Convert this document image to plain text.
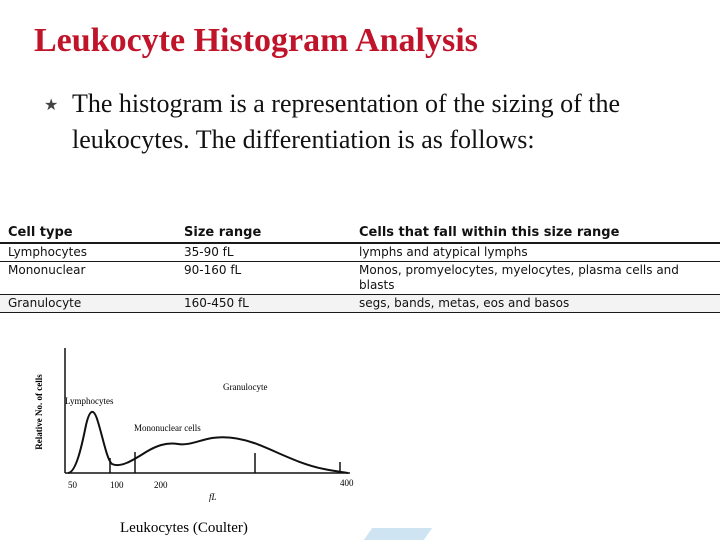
Leukocyte Histogram Analysis
★ The histogram is a representation of the sizing of the leukocytes. The differentiation is as follows:
Cell type	Size range	Cells that fall within this size range
Lymphocytes	35-90 fL	lymphs and atypical lymphs
Mononuclear	90-160 fL	Monos, promyelocytes, myelocytes, plasma cells and blasts
Granulocyte	160-450 fL	segs, bands, metas, eos and basos
Relative No. of cells Lymphocytes
Mononuclear cells
Granulocyte
50	100	200	400
fL
Leukocytes (Coulter)
